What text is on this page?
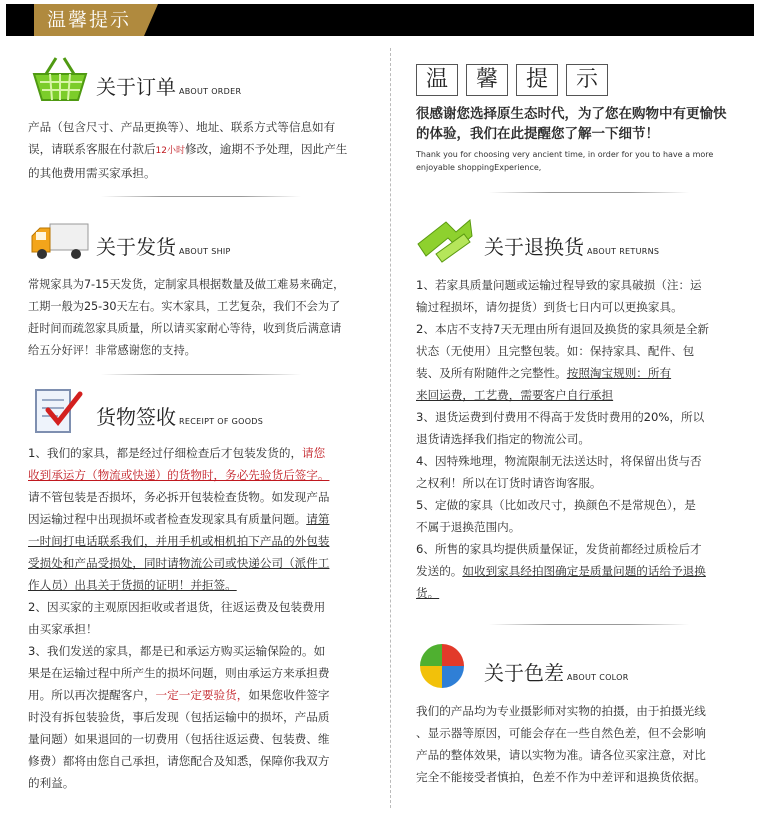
温馨提示
关于订单 ABOUT ORDER

产品（包含尺寸、产品更换等）、地址、联系方式等信息如有
误，请联系客服在付款后12小时修改，逾期不予处理，因此产生
的其他费用需买家承担。

关于发货 ABOUT SHIP

常规家具为7-15天发货，定制家具根据数量及做工难易来确定，
工期一般为25-30天左右。实木家具，工艺复杂，我们不会为了
赶时间而疏忽家具质量，所以请买家耐心等待，收到货后满意请
给五分好评！非常感谢您的支持。

货物签收 RECEIPT OF GOODS

1、我们的家具，都是经过仔细检查后才包装发货的，请您
收到承运方（物流或快递）的货物时，务必先验货后签字。
请不管包装是否损坏，务必拆开包装检查货物。如发现产品
因运输过程中出现损坏或者检查发现家具有质量问题。请第
一时间打电话联系我们，并用手机或相机拍下产品的外包装
受损处和产品受损处，同时请物流公司或快递公司（派件工
作人员）出具关于货损的证明！并拒签。
2、因买家的主观原因拒收或者退货，往返运费及包装费用
由买家承担！
3、我们发送的家具，都是已和承运方购买运输保险的。如
果是在运输过程中所产生的损坏问题，则由承运方来承担费
用。所以再次提醒客户，一定一定要验货，如果您收件签字
时没有拆包装验货，事后发现（包括运输中的损坏，产品质
量问题）如果退回的一切费用（包括往返运费、包装费、维
修费）都将由您自己承担，请您配合及知悉，保障你我双方
的利益。

温	馨	提	示

很感谢您选择原生态时代，为了您在购物中有更愉快
的体验，我们在此提醒您了解一下细节！

Thank you for choosing very ancient time, in order for you to have a more
enjoyable shoppingExperience,

关于退换货 ABOUT RETURNS

1、若家具质量问题或运输过程导致的家具破损（注：运
输过程损坏，请勿提货）到货七日内可以更换家具。
2、本店不支持7天无理由所有退回及换货的家具须是全新
状态（无使用）且完整包装。如：保持家具、配件、包
装、及所有附随件之完整性。按照淘宝规则：所有
来回运费，工艺费，需要客户自行承担
3、退货运费到付费用不得高于发货时费用的20%，所以
退货请选择我们指定的物流公司。
4、因特殊地理，物流限制无法送达时，将保留出货与否
之权利！所以在订货时请咨询客服。
5、定做的家具（比如改尺寸，换颜色不是常规色），是
不属于退换范围内。
6、所售的家具均提供质量保证，发货前都经过质检后才
发送的。如收到家具经拍图确定是质量问题的话给予退换
货。

关于色差 ABOUT COLOR

我们的产品均为专业摄影师对实物的拍摄，由于拍摄光线
、显示器等原因，可能会存在一些自然色差，但不会影响
产品的整体效果，请以实物为准。请各位买家注意，对比
完全不能接受者慎拍，色差不作为中差评和退换货依据。
